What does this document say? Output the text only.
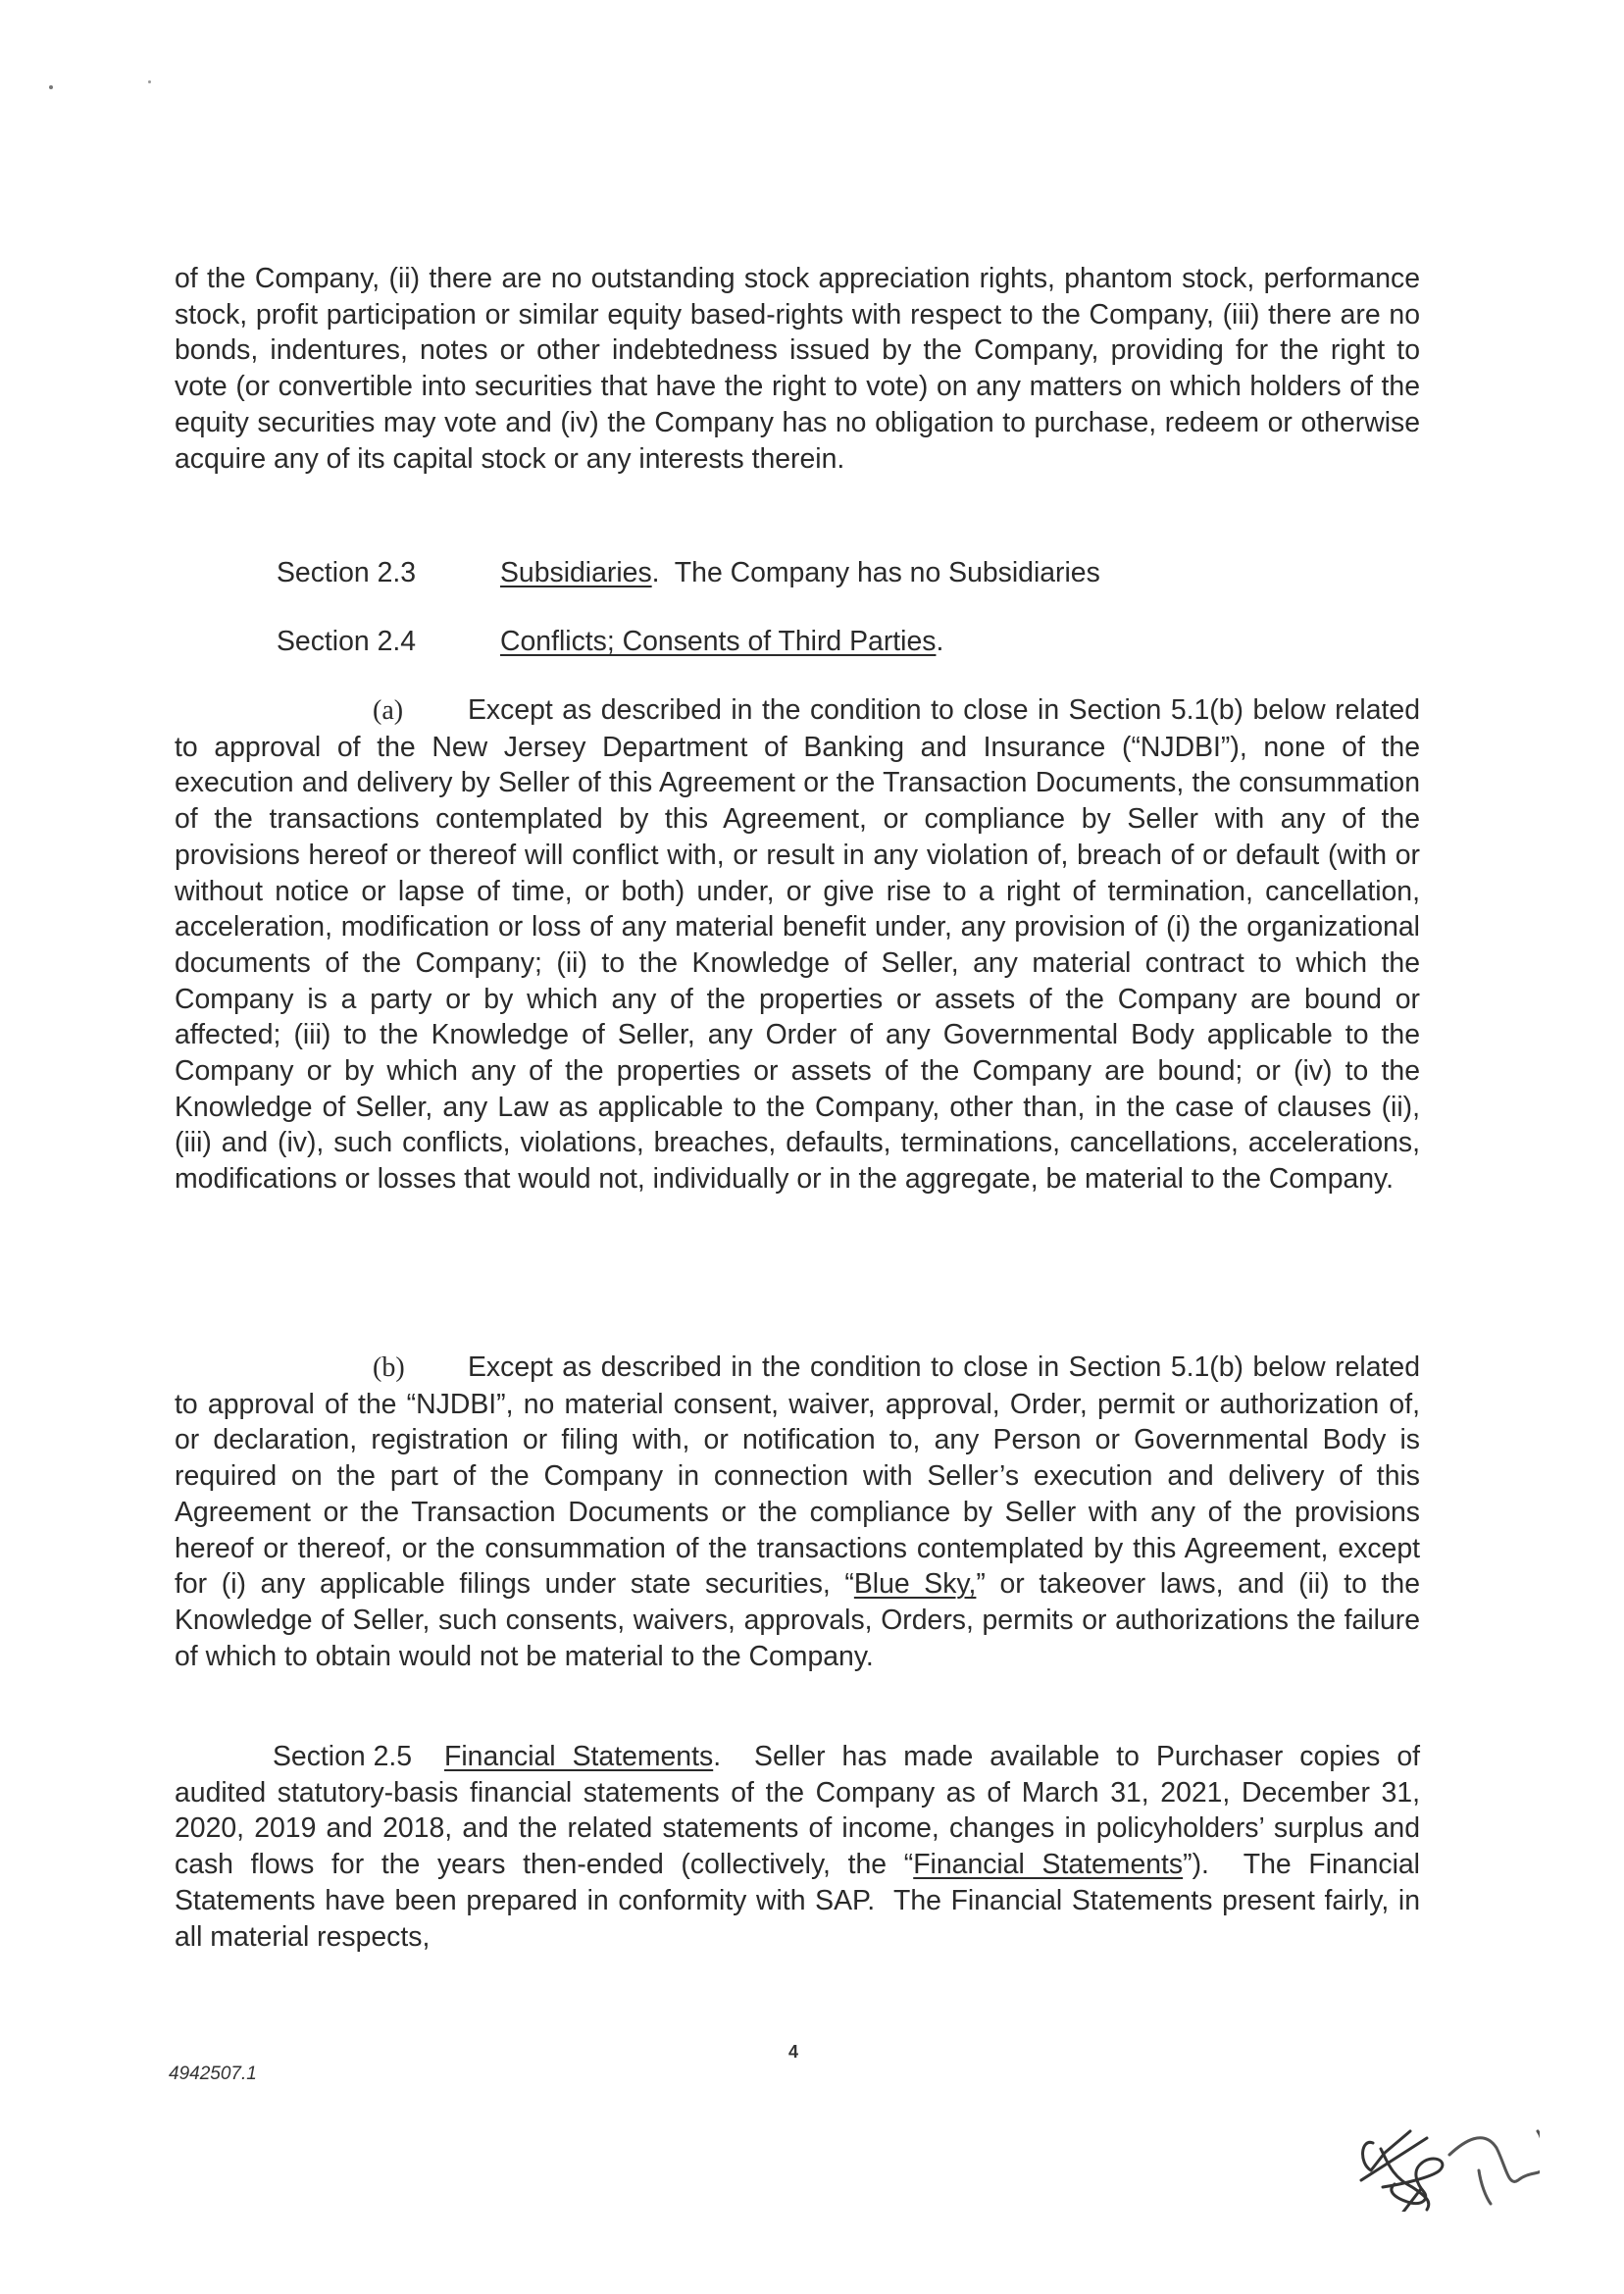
of the Company, (ii) there are no outstanding stock appreciation rights, phantom stock, performance stock, profit participation or similar equity based-rights with respect to the Company, (iii) there are no bonds, indentures, notes or other indebtedness issued by the Company, providing for the right to vote (or convertible into securities that have the right to vote) on any matters on which holders of the equity securities may vote and (iv) the Company has no obligation to purchase, redeem or otherwise acquire any of its capital stock or any interests therein.

Section 2.3	Subsidiaries.  The Company has no Subsidiaries
Section 2.4	Conflicts; Consents of Third Parties.

(a) Except as described in the condition to close in Section 5.1(b) below related to approval of the New Jersey Department of Banking and Insurance (“NJDBI”), none of the execution and delivery by Seller of this Agreement or the Transaction Documents, the consummation of the transactions contemplated by this Agreement, or compliance by Seller with any of the provisions hereof or thereof will conflict with, or result in any violation of, breach of or default (with or without notice or lapse of time, or both) under, or give rise to a right of termination, cancellation, acceleration, modification or loss of any material benefit under, any provision of (i) the organizational documents of the Company; (ii) to the Knowledge of Seller, any material contract to which the Company is a party or by which any of the properties or assets of the Company are bound or affected; (iii) to the Knowledge of Seller, any Order of any Governmental Body applicable to the Company or by which any of the properties or assets of the Company are bound; or (iv) to the Knowledge of Seller, any Law as applicable to the Company, other than, in the case of clauses (ii), (iii) and (iv), such conflicts, violations, breaches, defaults, terminations, cancellations, accelerations, modifications or losses that would not, individually or in the aggregate, be material to the Company.

(b) Except as described in the condition to close in Section 5.1(b) below related to approval of the “NJDBI”, no material consent, waiver, approval, Order, permit or authorization of, or declaration, registration or filing with, or notification to, any Person or Governmental Body is required on the part of the Company in connection with Seller’s execution and delivery of this Agreement or the Transaction Documents or the compliance by Seller with any of the provisions hereof or thereof, or the consummation of the transactions contemplated by this Agreement, except for (i) any applicable filings under state securities, “Blue Sky,” or takeover laws, and (ii) to the Knowledge of Seller, such consents, waivers, approvals, Orders, permits or authorizations the failure of which to obtain would not be material to the Company.

Section 2.5 Financial Statements.  Seller has made available to Purchaser copies of audited statutory-basis financial statements of the Company as of March 31, 2021, December 31, 2020, 2019 and 2018, and the related statements of income, changes in policyholders’ surplus and cash flows for the years then-ended (collectively, the “Financial Statements”).  The Financial Statements have been prepared in conformity with SAP.  The Financial Statements present fairly, in all material respects,

4
4942507.1
